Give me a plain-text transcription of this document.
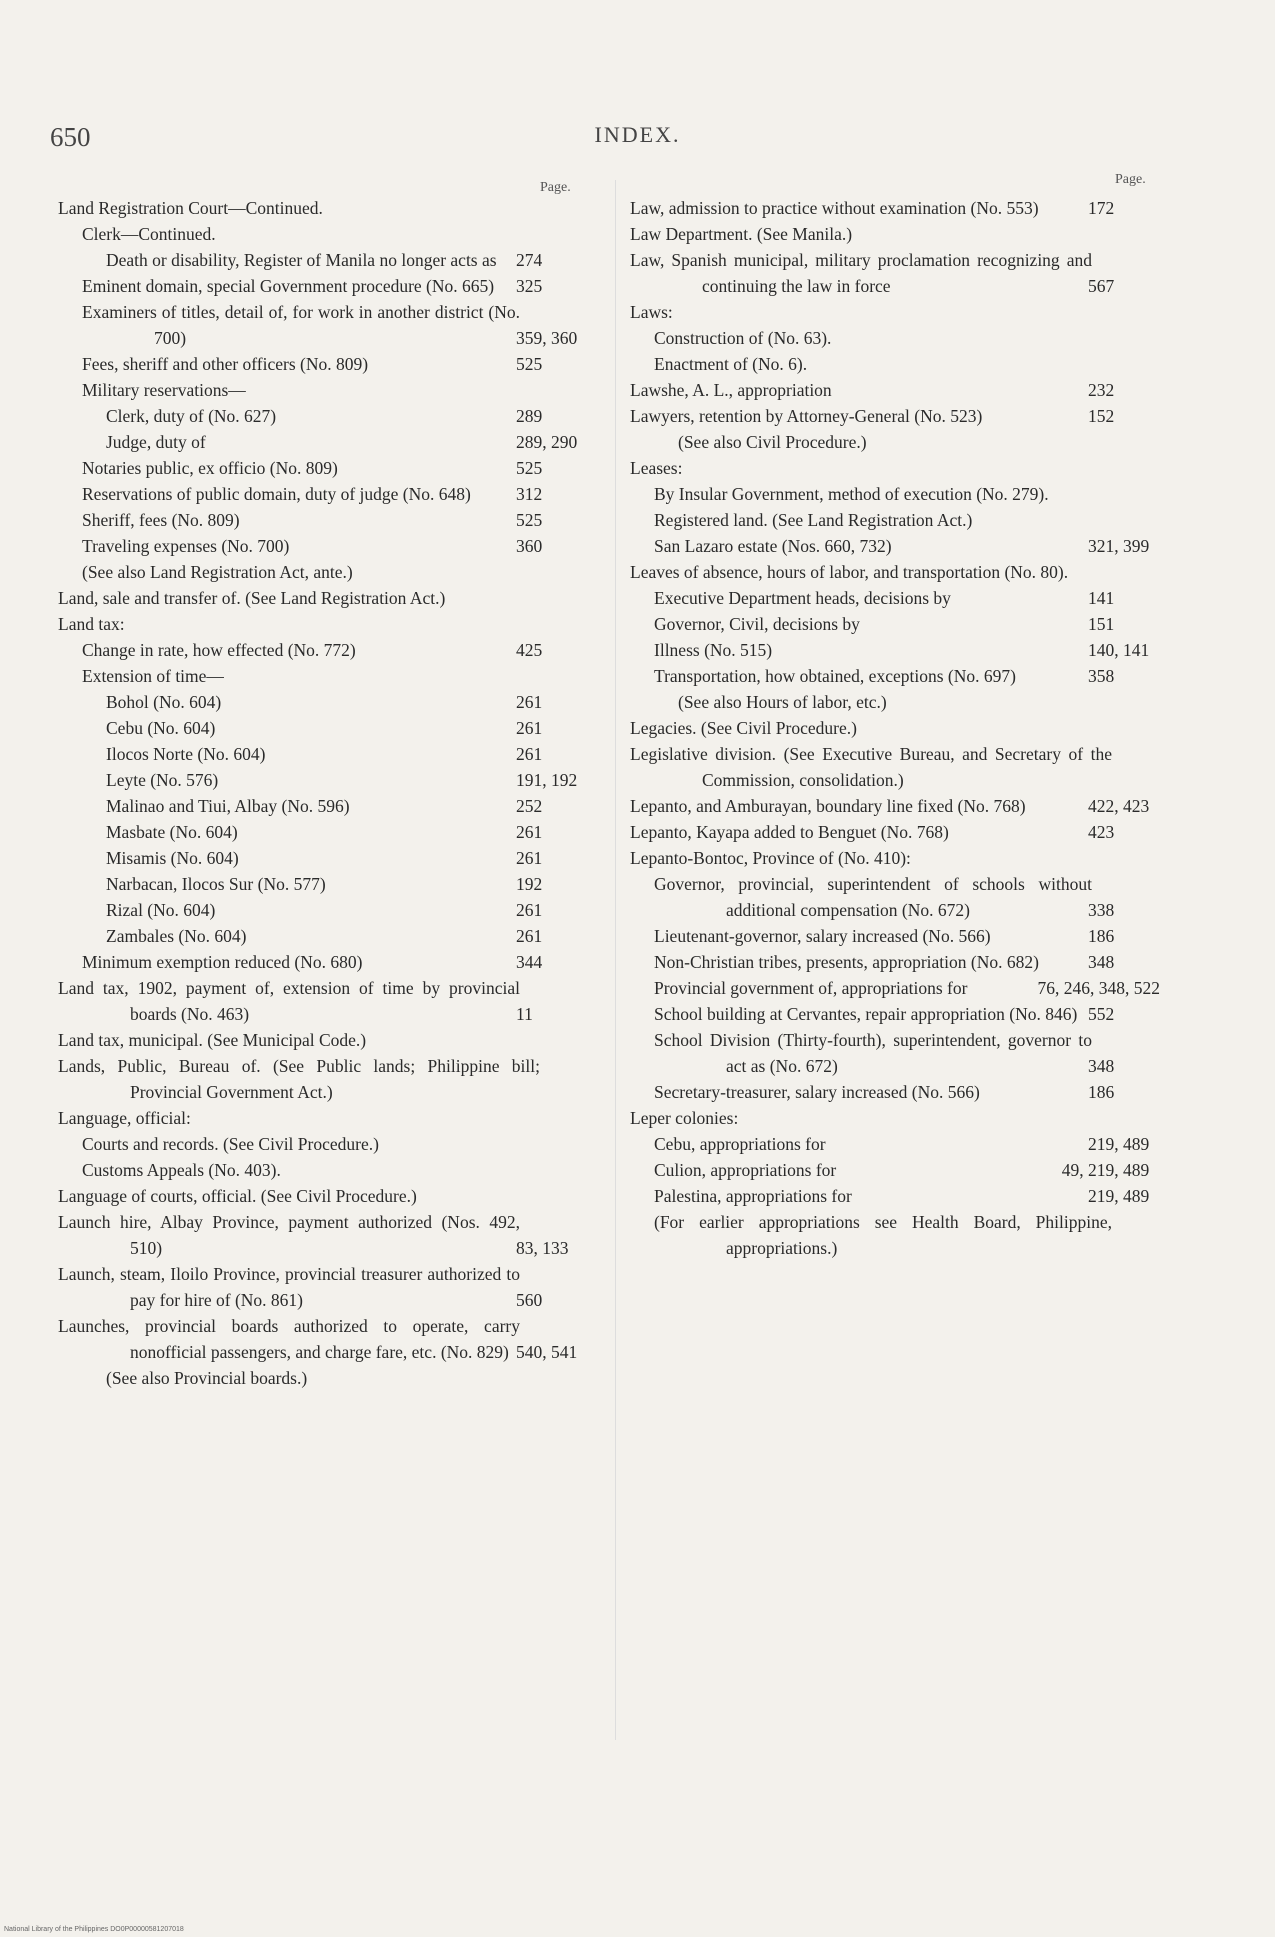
650	INDEX.
Page.
Page.
Land Registration Court—Continued.
Clerk—Continued.
Death or disability, Register of Manila no longer acts as 274
Eminent domain, special Government procedure (No. 665) 325
Examiners of titles, detail of, for work in another district (No. 700)	359, 360
Fees, sheriff and other officers (No. 809)	525
Military reservations—
Clerk, duty of (No. 627)	289
Judge, duty of	289, 290
Notaries public, ex officio (No. 809)	525
Reservations of public domain, duty of judge (No. 648)	312
Sheriff, fees (No. 809)	525
Traveling expenses (No. 700)	360
(See also Land Registration Act, ante.)
Land, sale and transfer of. (See Land Registration Act.)
Land tax:
Change in rate, how effected (No. 772)	425
Extension of time—
Bohol (No. 604)	261
Cebu (No. 604)	261
Ilocos Norte (No. 604)	261
Leyte (No. 576)	191, 192
Malinao and Tiui, Albay (No. 596)	252
Masbate (No. 604)	261
Misamis (No. 604)	261
Narbacan, Ilocos Sur (No. 577)	192
Rizal (No. 604)	261
Zambales (No. 604)	261
Minimum exemption reduced (No. 680)	344
Land tax, 1902, payment of, extension of time by provincial boards (No. 463)	11
Land tax, municipal. (See Municipal Code.)
Lands, Public, Bureau of. (See Public lands; Philippine bill; Provincial Government Act.)
Language, official:
Courts and records. (See Civil Procedure.)
Customs Appeals (No. 403).
Language of courts, official. (See Civil Procedure.)
Launch hire, Albay Province, payment authorized (Nos. 492, 510)	83, 133
Launch, steam, Iloilo Province, provincial treasurer authorized to pay for hire of (No. 861)	560
Launches, provincial boards authorized to operate, carry nonofficial passengers, and charge fare, etc. (No. 829) 540, 541
(See also Provincial boards.)
Law, admission to practice without examination (No. 553)	172
Law Department. (See Manila.)
Law, Spanish municipal, military proclamation recognizing and continuing the law in force	567
Laws:
Construction of (No. 63).
Enactment of (No. 6).
Lawshe, A. L., appropriation	232
Lawyers, retention by Attorney-General (No. 523)	152
(See also Civil Procedure.)
Leases:
By Insular Government, method of execution (No. 279).
Registered land. (See Land Registration Act.)
San Lazaro estate (Nos. 660, 732)	321, 399
Leaves of absence, hours of labor, and transportation (No. 80).
Executive Department heads, decisions by	141
Governor, Civil, decisions by	151
Illness (No. 515)	140, 141
Transportation, how obtained, exceptions (No. 697)	358
(See also Hours of labor, etc.)
Legacies. (See Civil Procedure.)
Legislative division. (See Executive Bureau, and Secretary of the Commission, consolidation.)
Lepanto, and Amburayan, boundary line fixed (No. 768)	422, 423
Lepanto, Kayapa added to Benguet (No. 768)	423
Lepanto-Bontoc, Province of (No. 410):
Governor, provincial, superintendent of schools without additional compensation (No. 672)	338
Lieutenant-governor, salary increased (No. 566)	186
Non-Christian tribes, presents, appropriation (No. 682)	348
Provincial government of, appropriations for	76, 246, 348, 522
School building at Cervantes, repair appropriation (No. 846) 552
School Division (Thirty-fourth), superintendent, governor to act as (No. 672)	348
Secretary-treasurer, salary increased (No. 566)	186
Leper colonies:
Cebu, appropriations for	219, 489
Culion, appropriations for	49, 219, 489
Palestina, appropriations for	219, 489
(For earlier appropriations see Health Board, Philippine, appropriations.)
National Library of the Philippines DO0P00000581207018
